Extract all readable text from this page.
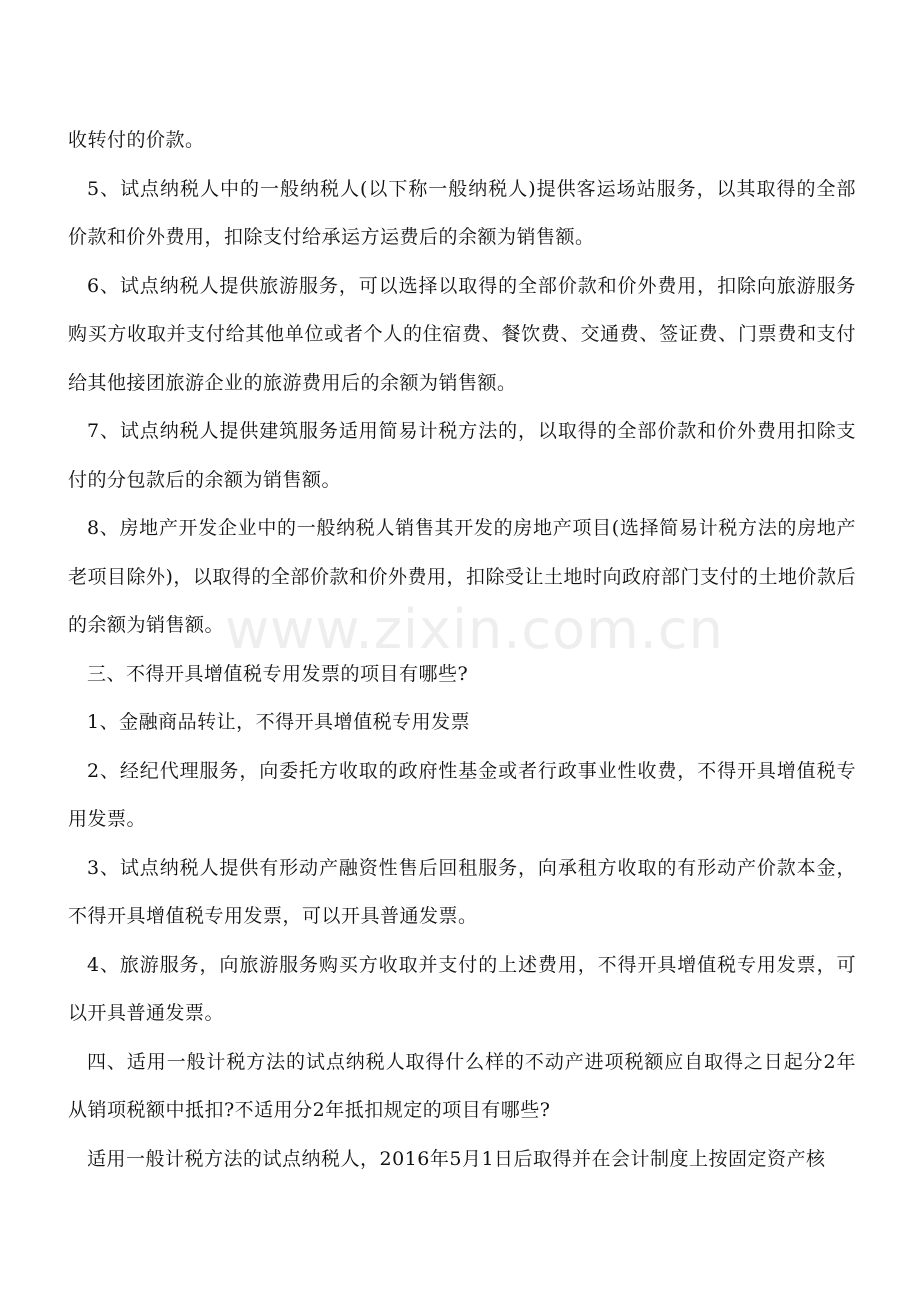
收转付的价款。

5、试点纳税人中的一般纳税人(以下称一般纳税人)提供客运场站服务，以其取得的全部价款和价外费用，扣除支付给承运方运费后的余额为销售额。

6、试点纳税人提供旅游服务，可以选择以取得的全部价款和价外费用，扣除向旅游服务购买方收取并支付给其他单位或者个人的住宿费、餐饮费、交通费、签证费、门票费和支付给其他接团旅游企业的旅游费用后的余额为销售额。

7、试点纳税人提供建筑服务适用简易计税方法的，以取得的全部价款和价外费用扣除支付的分包款后的余额为销售额。

8、房地产开发企业中的一般纳税人销售其开发的房地产项目(选择简易计税方法的房地产老项目除外)，以取得的全部价款和价外费用，扣除受让土地时向政府部门支付的土地价款后的余额为销售额。

三、不得开具增值税专用发票的项目有哪些?

1、金融商品转让，不得开具增值税专用发票

2、经纪代理服务，向委托方收取的政府性基金或者行政事业性收费，不得开具增值税专用发票。

3、试点纳税人提供有形动产融资性售后回租服务，向承租方收取的有形动产价款本金，不得开具增值税专用发票，可以开具普通发票。

4、旅游服务，向旅游服务购买方收取并支付的上述费用，不得开具增值税专用发票，可以开具普通发票。

四、适用一般计税方法的试点纳税人取得什么样的不动产进项税额应自取得之日起分2年从销项税额中抵扣?不适用分2年抵扣规定的项目有哪些?

适用一般计税方法的试点纳税人，2016年5月1日后取得并在会计制度上按固定资产核

www.zixin.com.cn
